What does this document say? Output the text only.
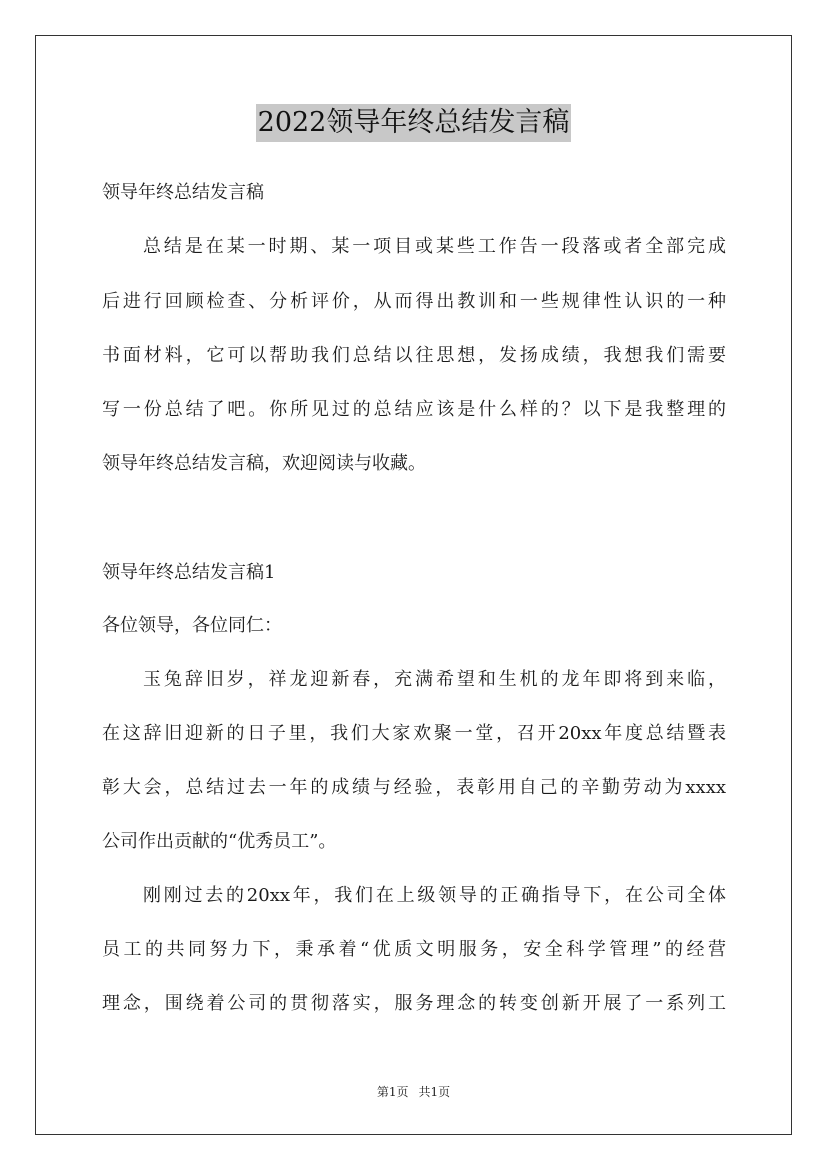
2022领导年终总结发言稿
领导年终总结发言稿
总结是在某一时期、某一项目或某些工作告一段落或者全部完成
后进行回顾检查、分析评价，从而得出教训和一些规律性认识的一种
书面材料，它可以帮助我们总结以往思想，发扬成绩，我想我们需要
写一份总结了吧。你所见过的总结应该是什么样的？以下是我整理的
领导年终总结发言稿，欢迎阅读与收藏。
领导年终总结发言稿1
各位领导，各位同仁：
玉兔辞旧岁，祥龙迎新春，充满希望和生机的龙年即将到来临，
在这辞旧迎新的日子里，我们大家欢聚一堂，召开20xx年度总结暨表
彰大会，总结过去一年的成绩与经验，表彰用自己的辛勤劳动为xxxx
公司作出贡献的“优秀员工”。
刚刚过去的20xx年，我们在上级领导的正确指导下，在公司全体
员工的共同努力下，秉承着“优质文明服务，安全科学管理”的经营
理念，围绕着公司的贯彻落实，服务理念的转变创新开展了一系列工
第1页 共1页
